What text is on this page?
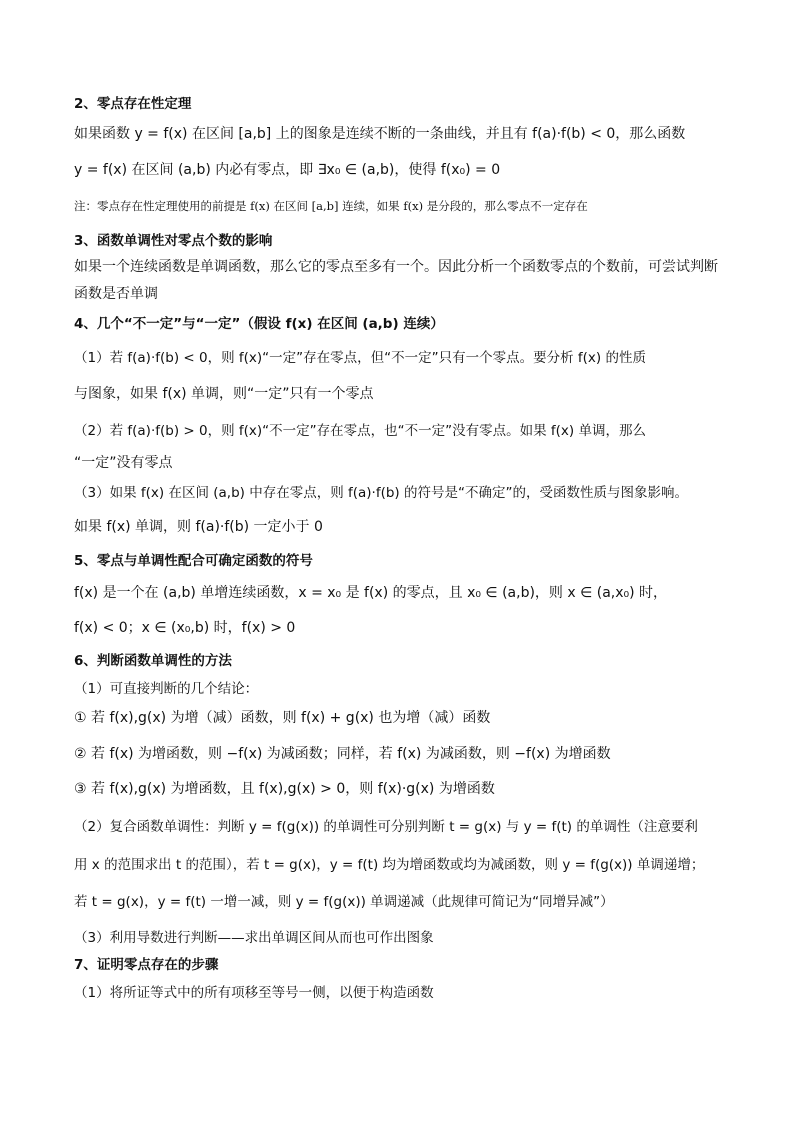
2、零点存在性定理
如果函数 y = f(x) 在区间 [a,b] 上的图象是连续不断的一条曲线，并且有 f(a)·f(b) < 0，那么函数
y = f(x) 在区间 (a,b) 内必有零点，即 ∃x₀ ∈ (a,b)，使得 f(x₀) = 0
注：零点存在性定理使用的前提是 f(x) 在区间 [a,b] 连续，如果 f(x) 是分段的，那么零点不一定存在
3、函数单调性对零点个数的影响
如果一个连续函数是单调函数，那么它的零点至多有一个。因此分析一个函数零点的个数前，可尝试判断
函数是否单调
4、几个“不一定”与“一定”（假设 f(x) 在区间 (a,b) 连续）
（1）若 f(a)·f(b) < 0，则 f(x)“一定”存在零点，但“不一定”只有一个零点。要分析 f(x) 的性质
与图象，如果 f(x) 单调，则“一定”只有一个零点
（2）若 f(a)·f(b) > 0，则 f(x)“不一定”存在零点，也“不一定”没有零点。如果 f(x) 单调，那么
“一定”没有零点
（3）如果 f(x) 在区间 (a,b) 中存在零点，则 f(a)·f(b) 的符号是“不确定”的，受函数性质与图象影响。
如果 f(x) 单调，则 f(a)·f(b) 一定小于 0
5、零点与单调性配合可确定函数的符号
f(x) 是一个在 (a,b) 单增连续函数，x = x₀ 是 f(x) 的零点，且 x₀ ∈ (a,b)，则 x ∈ (a,x₀) 时，
f(x) < 0；x ∈ (x₀,b) 时，f(x) > 0
6、判断函数单调性的方法
（1）可直接判断的几个结论：
① 若 f(x),g(x) 为增（减）函数，则 f(x) + g(x) 也为增（减）函数
② 若 f(x) 为增函数，则 −f(x) 为减函数；同样，若 f(x) 为减函数，则 −f(x) 为增函数
③ 若 f(x),g(x) 为增函数，且 f(x),g(x) > 0，则 f(x)·g(x) 为增函数
（2）复合函数单调性：判断 y = f(g(x)) 的单调性可分别判断 t = g(x) 与 y = f(t) 的单调性（注意要利
用 x 的范围求出 t 的范围），若 t = g(x)，y = f(t) 均为增函数或均为减函数，则 y = f(g(x)) 单调递增；
若 t = g(x)，y = f(t) 一增一减，则 y = f(g(x)) 单调递减（此规律可简记为“同增异减”）
（3）利用导数进行判断——求出单调区间从而也可作出图象
7、证明零点存在的步骤
（1）将所证等式中的所有项移至等号一侧，以便于构造函数
